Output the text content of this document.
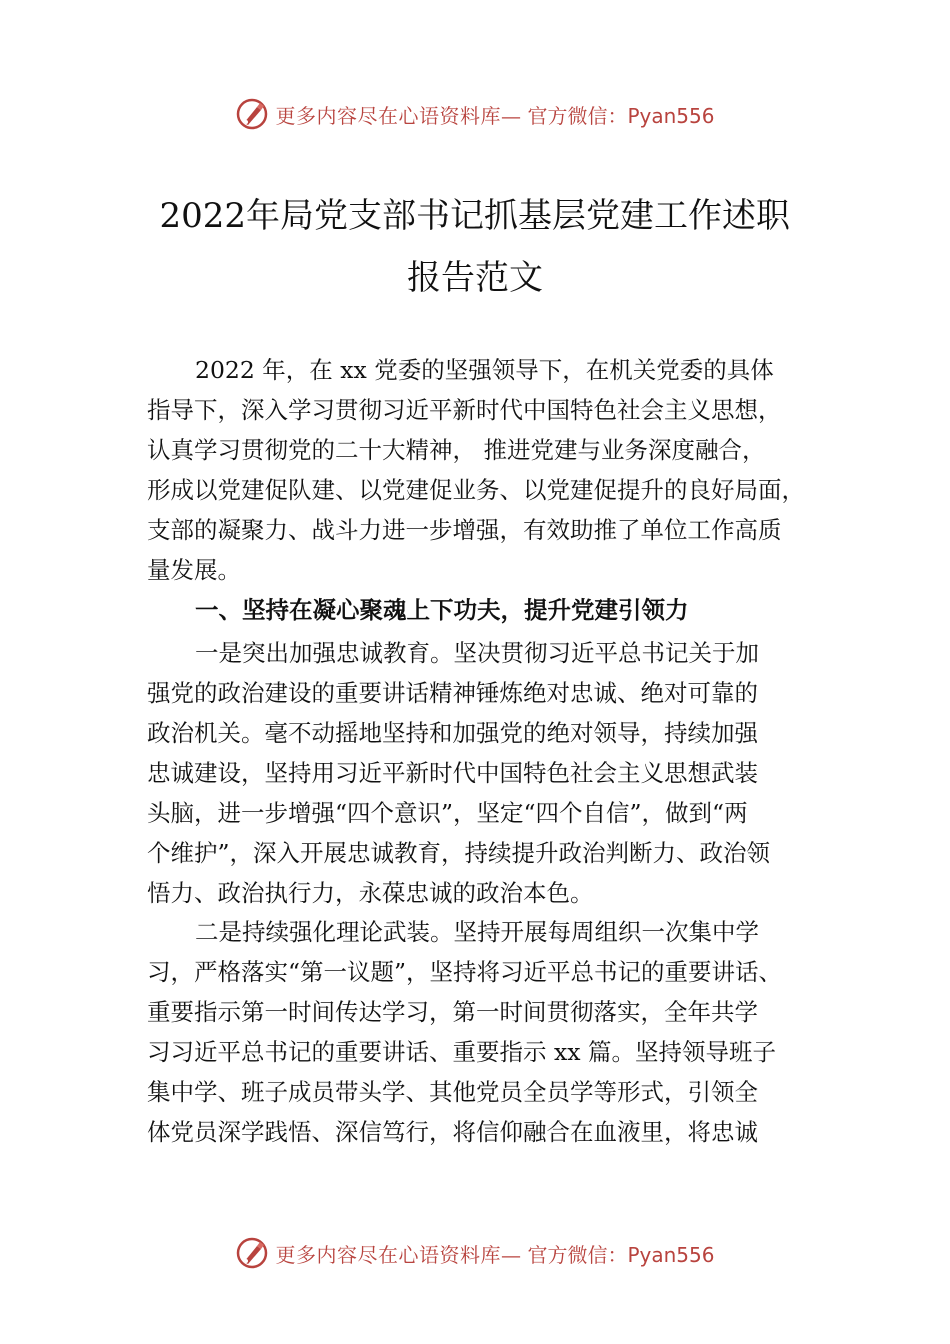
更多内容尽在心语资料库— 官方微信：Pyan556
2022年局党支部书记抓基层党建工作述职
报告范文
2022 年，在 xx 党委的坚强领导下，在机关党委的具体
指导下，深入学习贯彻习近平新时代中国特色社会主义思想，
认真学习贯彻党的二十大精神， 推进党建与业务深度融合，
形成以党建促队建、以党建促业务、以党建促提升的良好局面，
支部的凝聚力、战斗力进一步增强，有效助推了单位工作高质
量发展。
一、坚持在凝心聚魂上下功夫，提升党建引领力
一是突出加强忠诚教育。坚决贯彻习近平总书记关于加
强党的政治建设的重要讲话精神锤炼绝对忠诚、绝对可靠的
政治机关。毫不动摇地坚持和加强党的绝对领导，持续加强
忠诚建设，坚持用习近平新时代中国特色社会主义思想武装
头脑，进一步增强“四个意识”，坚定“四个自信”，做到“两
个维护”，深入开展忠诚教育，持续提升政治判断力、政治领
悟力、政治执行力，永葆忠诚的政治本色。
二是持续强化理论武装。坚持开展每周组织一次集中学
习，严格落实“第一议题”，坚持将习近平总书记的重要讲话、
重要指示第一时间传达学习，第一时间贯彻落实，全年共学
习习近平总书记的重要讲话、重要指示 xx 篇。坚持领导班子
集中学、班子成员带头学、其他党员全员学等形式，引领全
体党员深学践悟、深信笃行，将信仰融合在血液里，将忠诚
更多内容尽在心语资料库— 官方微信：Pyan556
